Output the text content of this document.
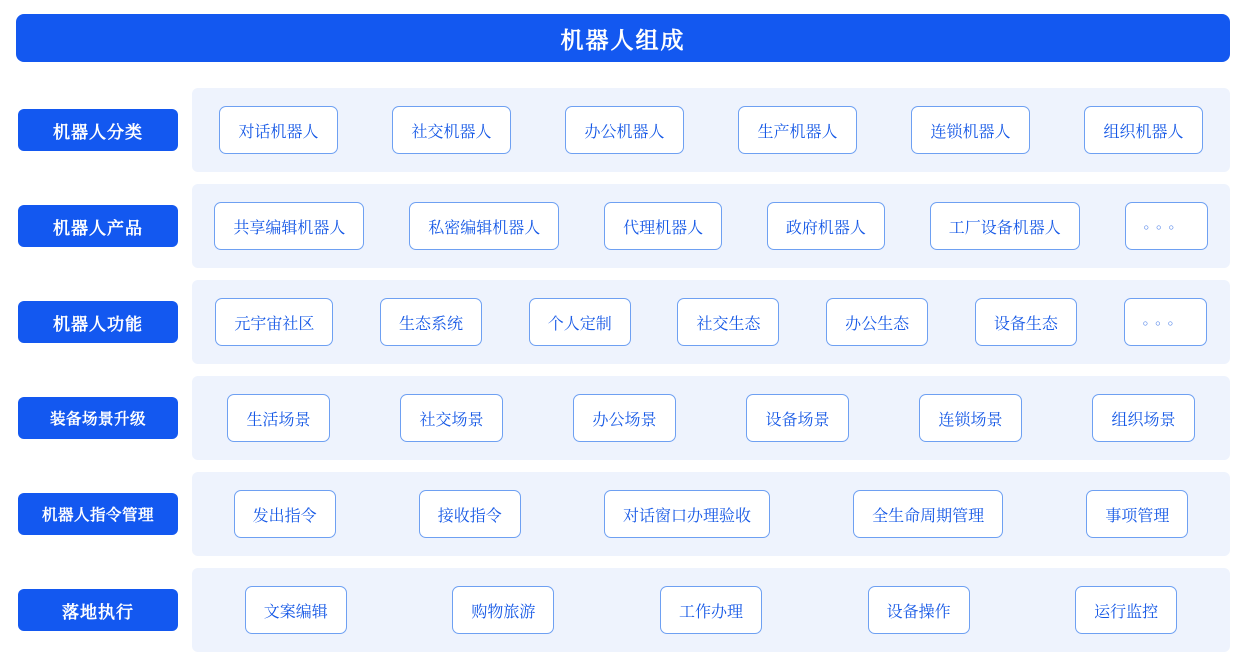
机器人组成
机器人分类	对话机器人	社交机器人	办公机器人	生产机器人	连锁机器人	组织机器人
机器人产品	共享编辑机器人	私密编辑机器人	代理机器人	政府机器人	工厂设备机器人	。。。
机器人功能	元宇宙社区	生态系统	个人定制	社交生态	办公生态	设备生态	。。。
装备场景升级	生活场景	社交场景	办公场景	设备场景	连锁场景	组织场景
机器人指令管理	发出指令	接收指令	对话窗口办理验收	全生命周期管理	事项管理
落地执行	文案编辑	购物旅游	工作办理	设备操作	运行监控
